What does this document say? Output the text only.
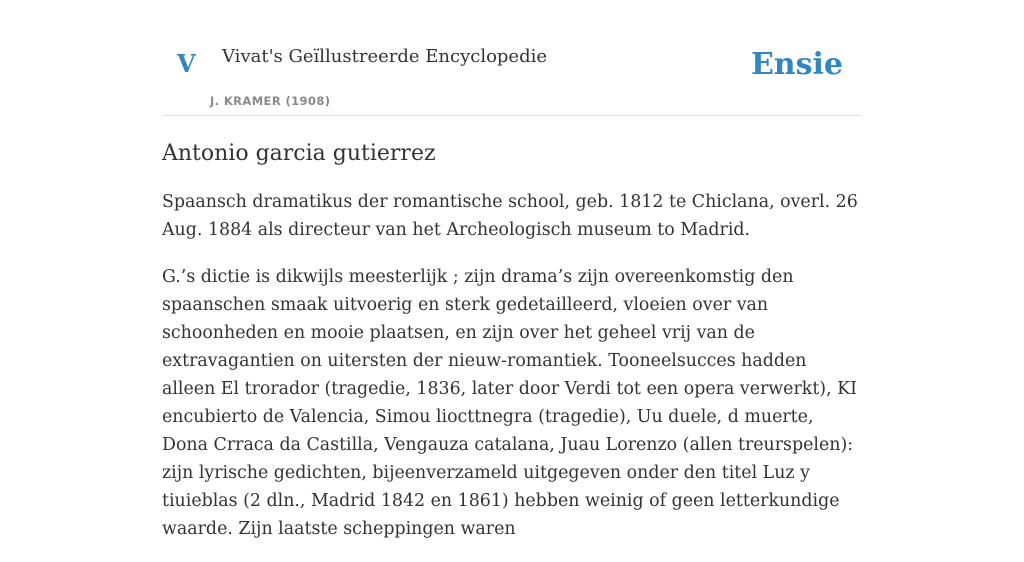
V Vivat's Geïllustreerde Encyclopedie
J. KRAMER (1908)
Ensie
Antonio garcia gutierrez

Spaansch dramatikus der romantische school, geb. 1812 te Chiclana, overl. 26 Aug. 1884 als directeur van het Archeologisch museum to Madrid.

G.’s dictie is dikwijls meesterlijk ; zijn drama’s zijn overeenkomstig den spaanschen smaak uitvoerig en sterk gedetailleerd, vloeien over van schoonheden en mooie plaatsen, en zijn over het geheel vrij van de extravagantien on uitersten der nieuw-romantiek. Tooneelsucces hadden alleen El trorador (tragedie, 1836, later door Verdi tot een opera verwerkt), KI encubierto de Valencia, Simou liocttnegra (tragedie), Uu duele, d muerte, Dona Crraca da Castilla, Vengauza catalana, Juau Lorenzo (allen treurspelen): zijn lyrische gedichten, bijeenverzameld uitgegeven onder den titel Luz y tiuieblas (2 dln., Madrid 1842 en 1861) hebben weinig of geen letterkundige waarde. Zijn laatste scheppingen waren
